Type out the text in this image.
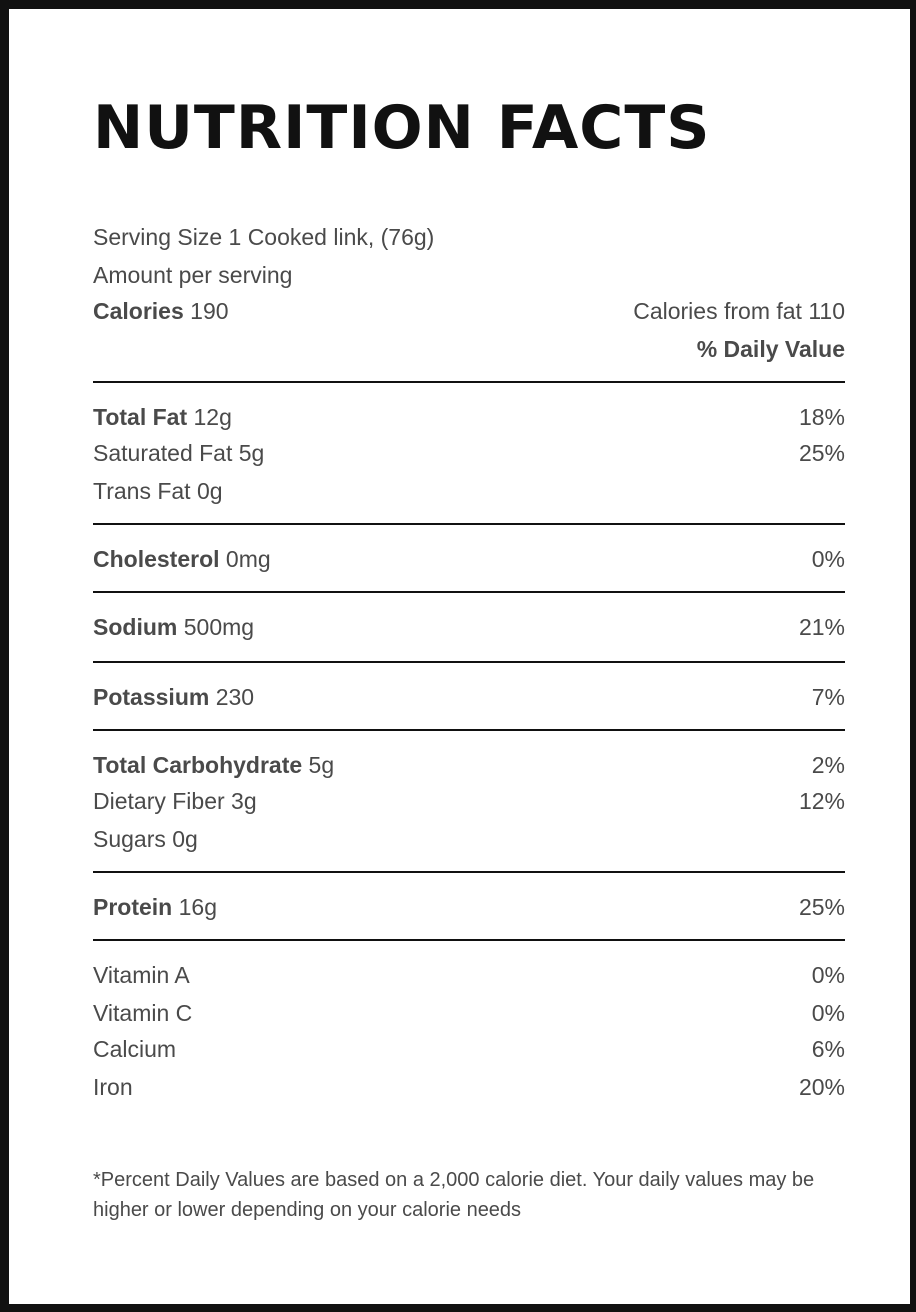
NUTRITION FACTS
Serving Size 1 Cooked link, (76g)
Amount per serving
Calories 190	Calories from fat 110
% Daily Value
Total Fat 12g	18%
Saturated Fat 5g	25%
Trans Fat 0g
Cholesterol 0mg	0%
Sodium 500mg	21%
Potassium 230	7%
Total Carbohydrate 5g	2%
Dietary Fiber 3g	12%
Sugars 0g
Protein 16g	25%
Vitamin A	0%
Vitamin C	0%
Calcium	6%
Iron	20%
*Percent Daily Values are based on a 2,000 calorie diet. Your daily values may be higher or lower depending on your calorie needs
